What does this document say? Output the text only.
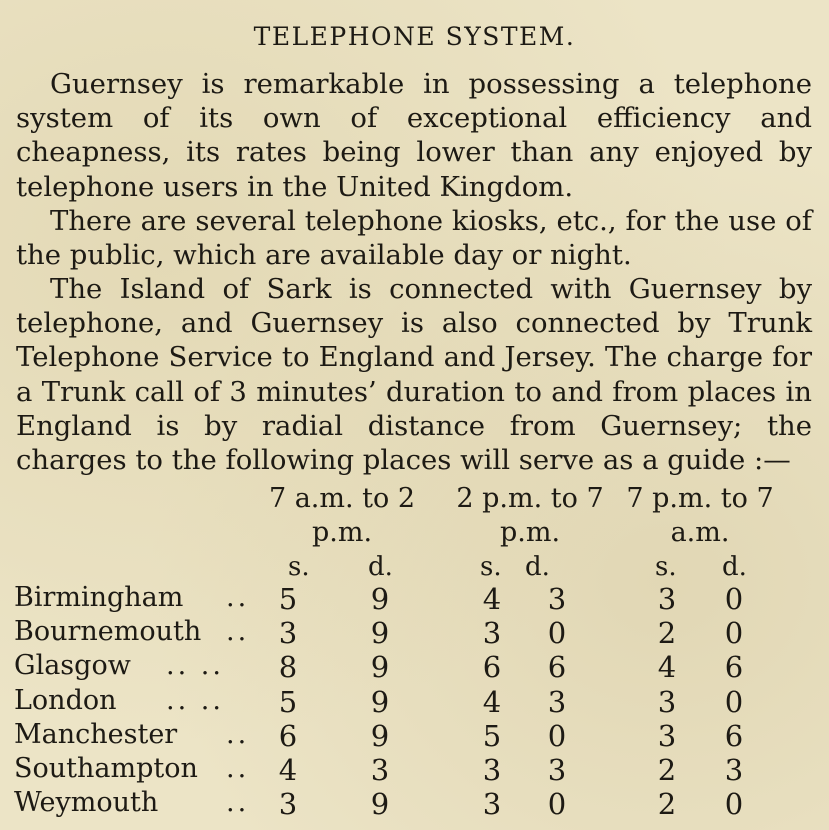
TELEPHONE SYSTEM.

Guernsey is remarkable in possessing a telephone system of its own of exceptional efficiency and cheapness, its rates being lower than any enjoyed by telephone users in the United Kingdom.

There are several telephone kiosks, etc., for the use of the public, which are available day or night.

The Island of Sark is connected with Guernsey by telephone, and Guernsey is also connected by Trunk Telephone Service to England and Jersey. The charge for a Trunk call of 3 minutes’ duration to and from places in England is by radial distance from Guernsey; the charges to the following places will serve as a guide :—

7 a.m. to 2 p.m.
2 p.m. to 7 p.m.
7 p.m. to 7 a.m.
s. d.	s. d.	s. d.
Birmingham .. 5	9	4 3	3 0
Bournemouth .. 3	9	3 0	2 0
Glasgow .. .. 8	9	6 6	4 6
London .. .. 5	9	4 3	3 0
Manchester .. 6	9	5 0	3 6
Southampton .. 4	3	3 3	2 3
Weymouth	.. 3	9	3 0	2 0
